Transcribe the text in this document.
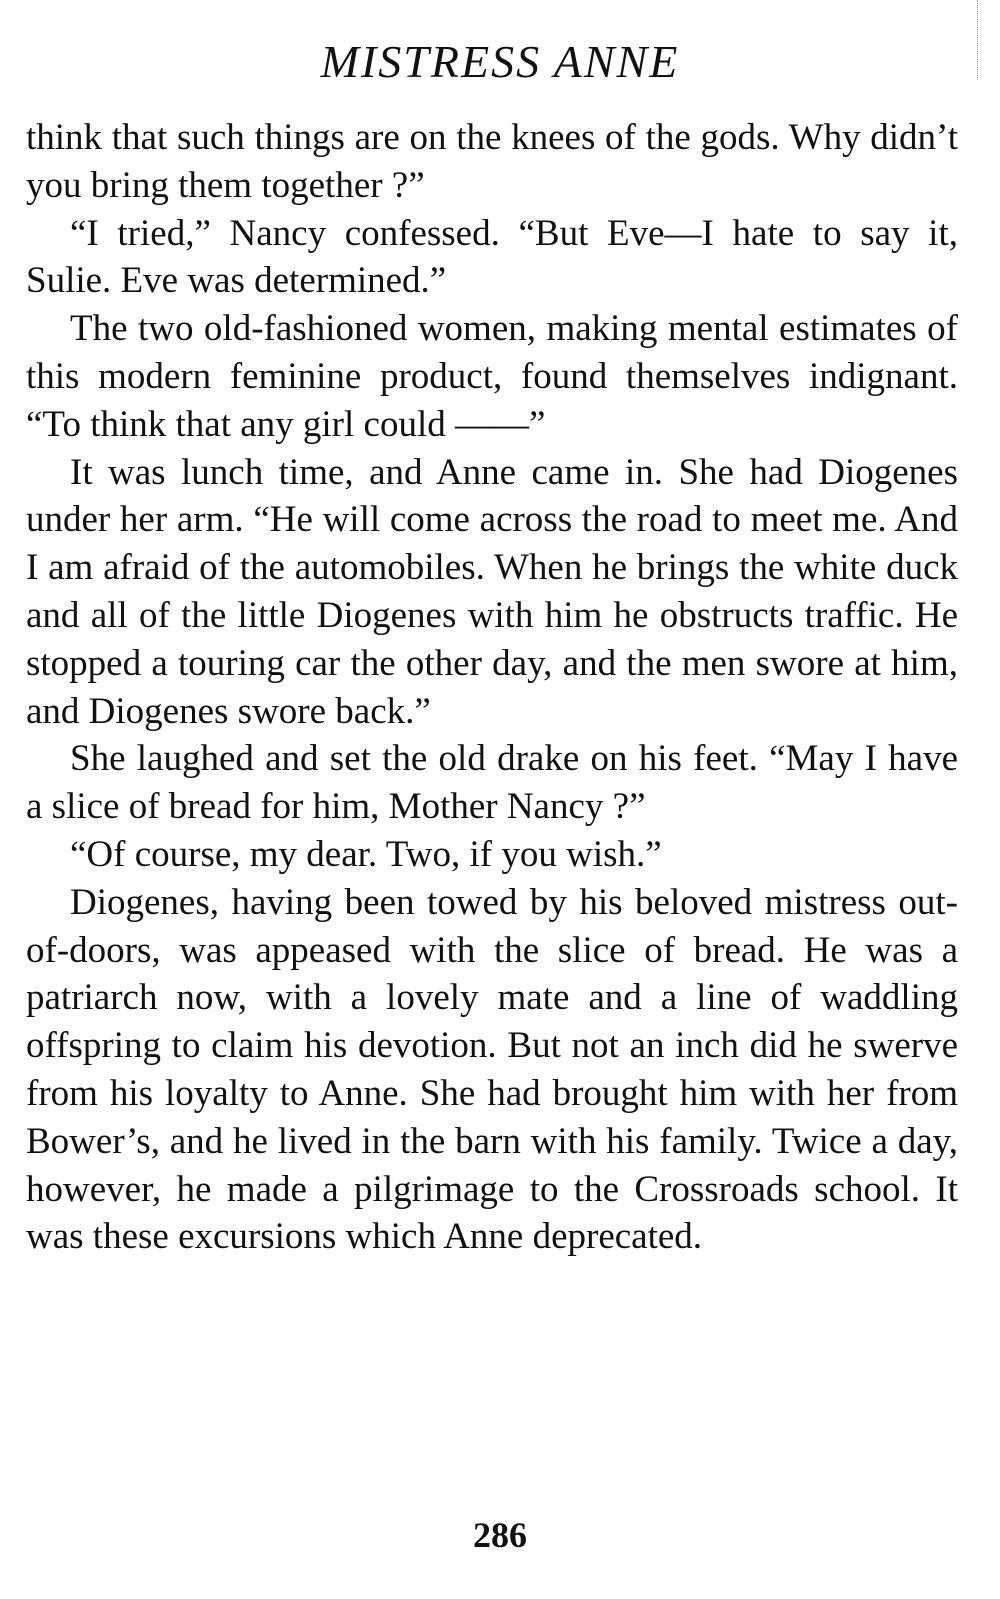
MISTRESS ANNE

think that such things are on the knees of the gods. Why didn’t you bring them together ?”

“I tried,” Nancy confessed. “But Eve—I hate to say it, Sulie. Eve was determined.”

The two old-fashioned women, making mental estimates of this modern feminine product, found themselves indignant. “To think that any girl could ——”

It was lunch time, and Anne came in. She had Diogenes under her arm. “He will come across the road to meet me. And I am afraid of the automobiles. When he brings the white duck and all of the little Diogenes with him he obstructs traffic. He stopped a touring car the other day, and the men swore at him, and Diogenes swore back.”

She laughed and set the old drake on his feet. “May I have a slice of bread for him, Mother Nancy ?”

“Of course, my dear. Two, if you wish.”

Diogenes, having been towed by his beloved mistress out-of-doors, was appeased with the slice of bread. He was a patriarch now, with a lovely mate and a line of waddling offspring to claim his devotion. But not an inch did he swerve from his loyalty to Anne. She had brought him with her from Bower’s, and he lived in the barn with his family. Twice a day, however, he made a pilgrimage to the Crossroads school. It was these excursions which Anne deprecated.

286
